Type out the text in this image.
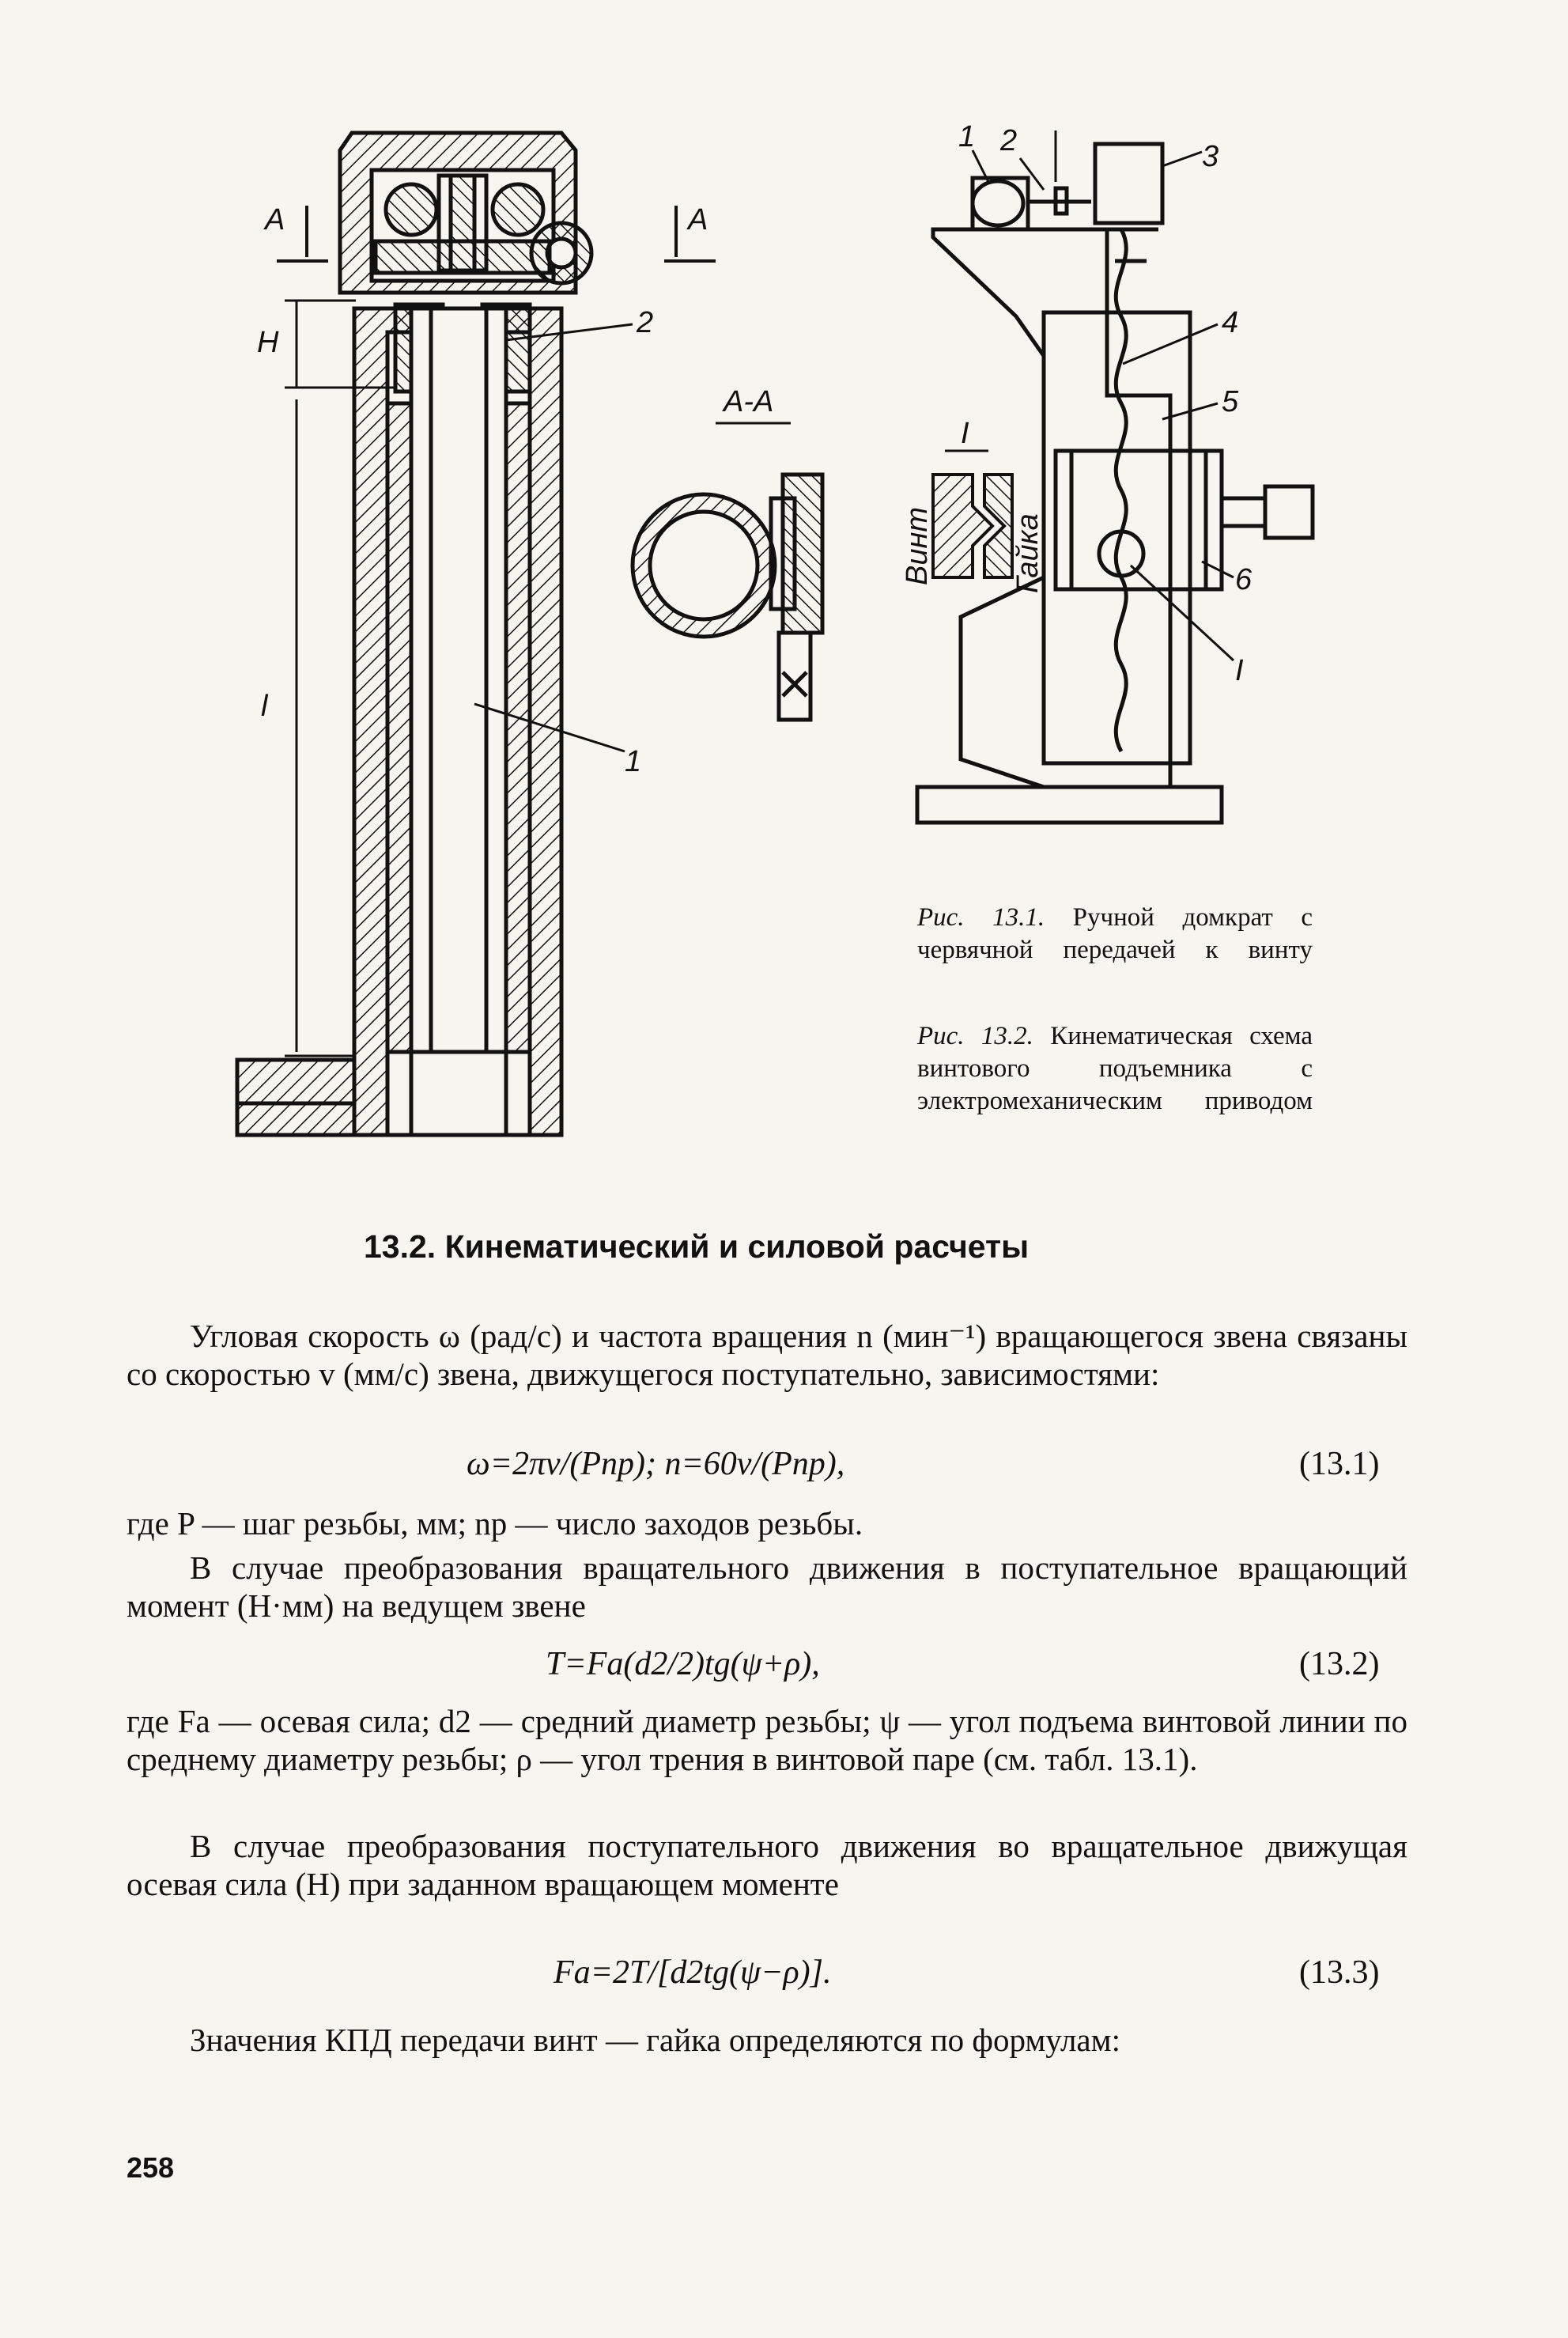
A	A
H
l
1
2
A-A
1 2	3
4
5
6
I
I
Винт	Гайка
Рис. 13.1. Ручной домкрат с червячной передачей к винту
Рис. 13.2. Кинематическая схема винтового подъемника с электромеханическим приводом
13.2. Кинематический и силовой расчеты
Угловая скорость ω (рад/с) и частота вращения n (мин⁻¹) вращающегося звена связаны со скоростью v (мм/с) звена, движущегося поступательно, зависимостями:
ω=2πv/(Pnр); n=60v/(Pnр),	(13.1)
где P — шаг резьбы, мм; nр — число заходов резьбы.
В случае преобразования вращательного движения в поступательное вращающий момент (Н·мм) на ведущем звене
T=Fa(d2/2)tg(ψ+ρ),	(13.2)
где Fa — осевая сила; d2 — средний диаметр резьбы; ψ — угол подъема винтовой линии по среднему диаметру резьбы; ρ — угол трения в винтовой паре (см. табл. 13.1).
В случае преобразования поступательного движения во вращательное движущая осевая сила (Н) при заданном вращающем моменте
Fa=2T/[d2tg(ψ−ρ)].	(13.3)
Значения КПД передачи винт — гайка определяются по формулам:
258
